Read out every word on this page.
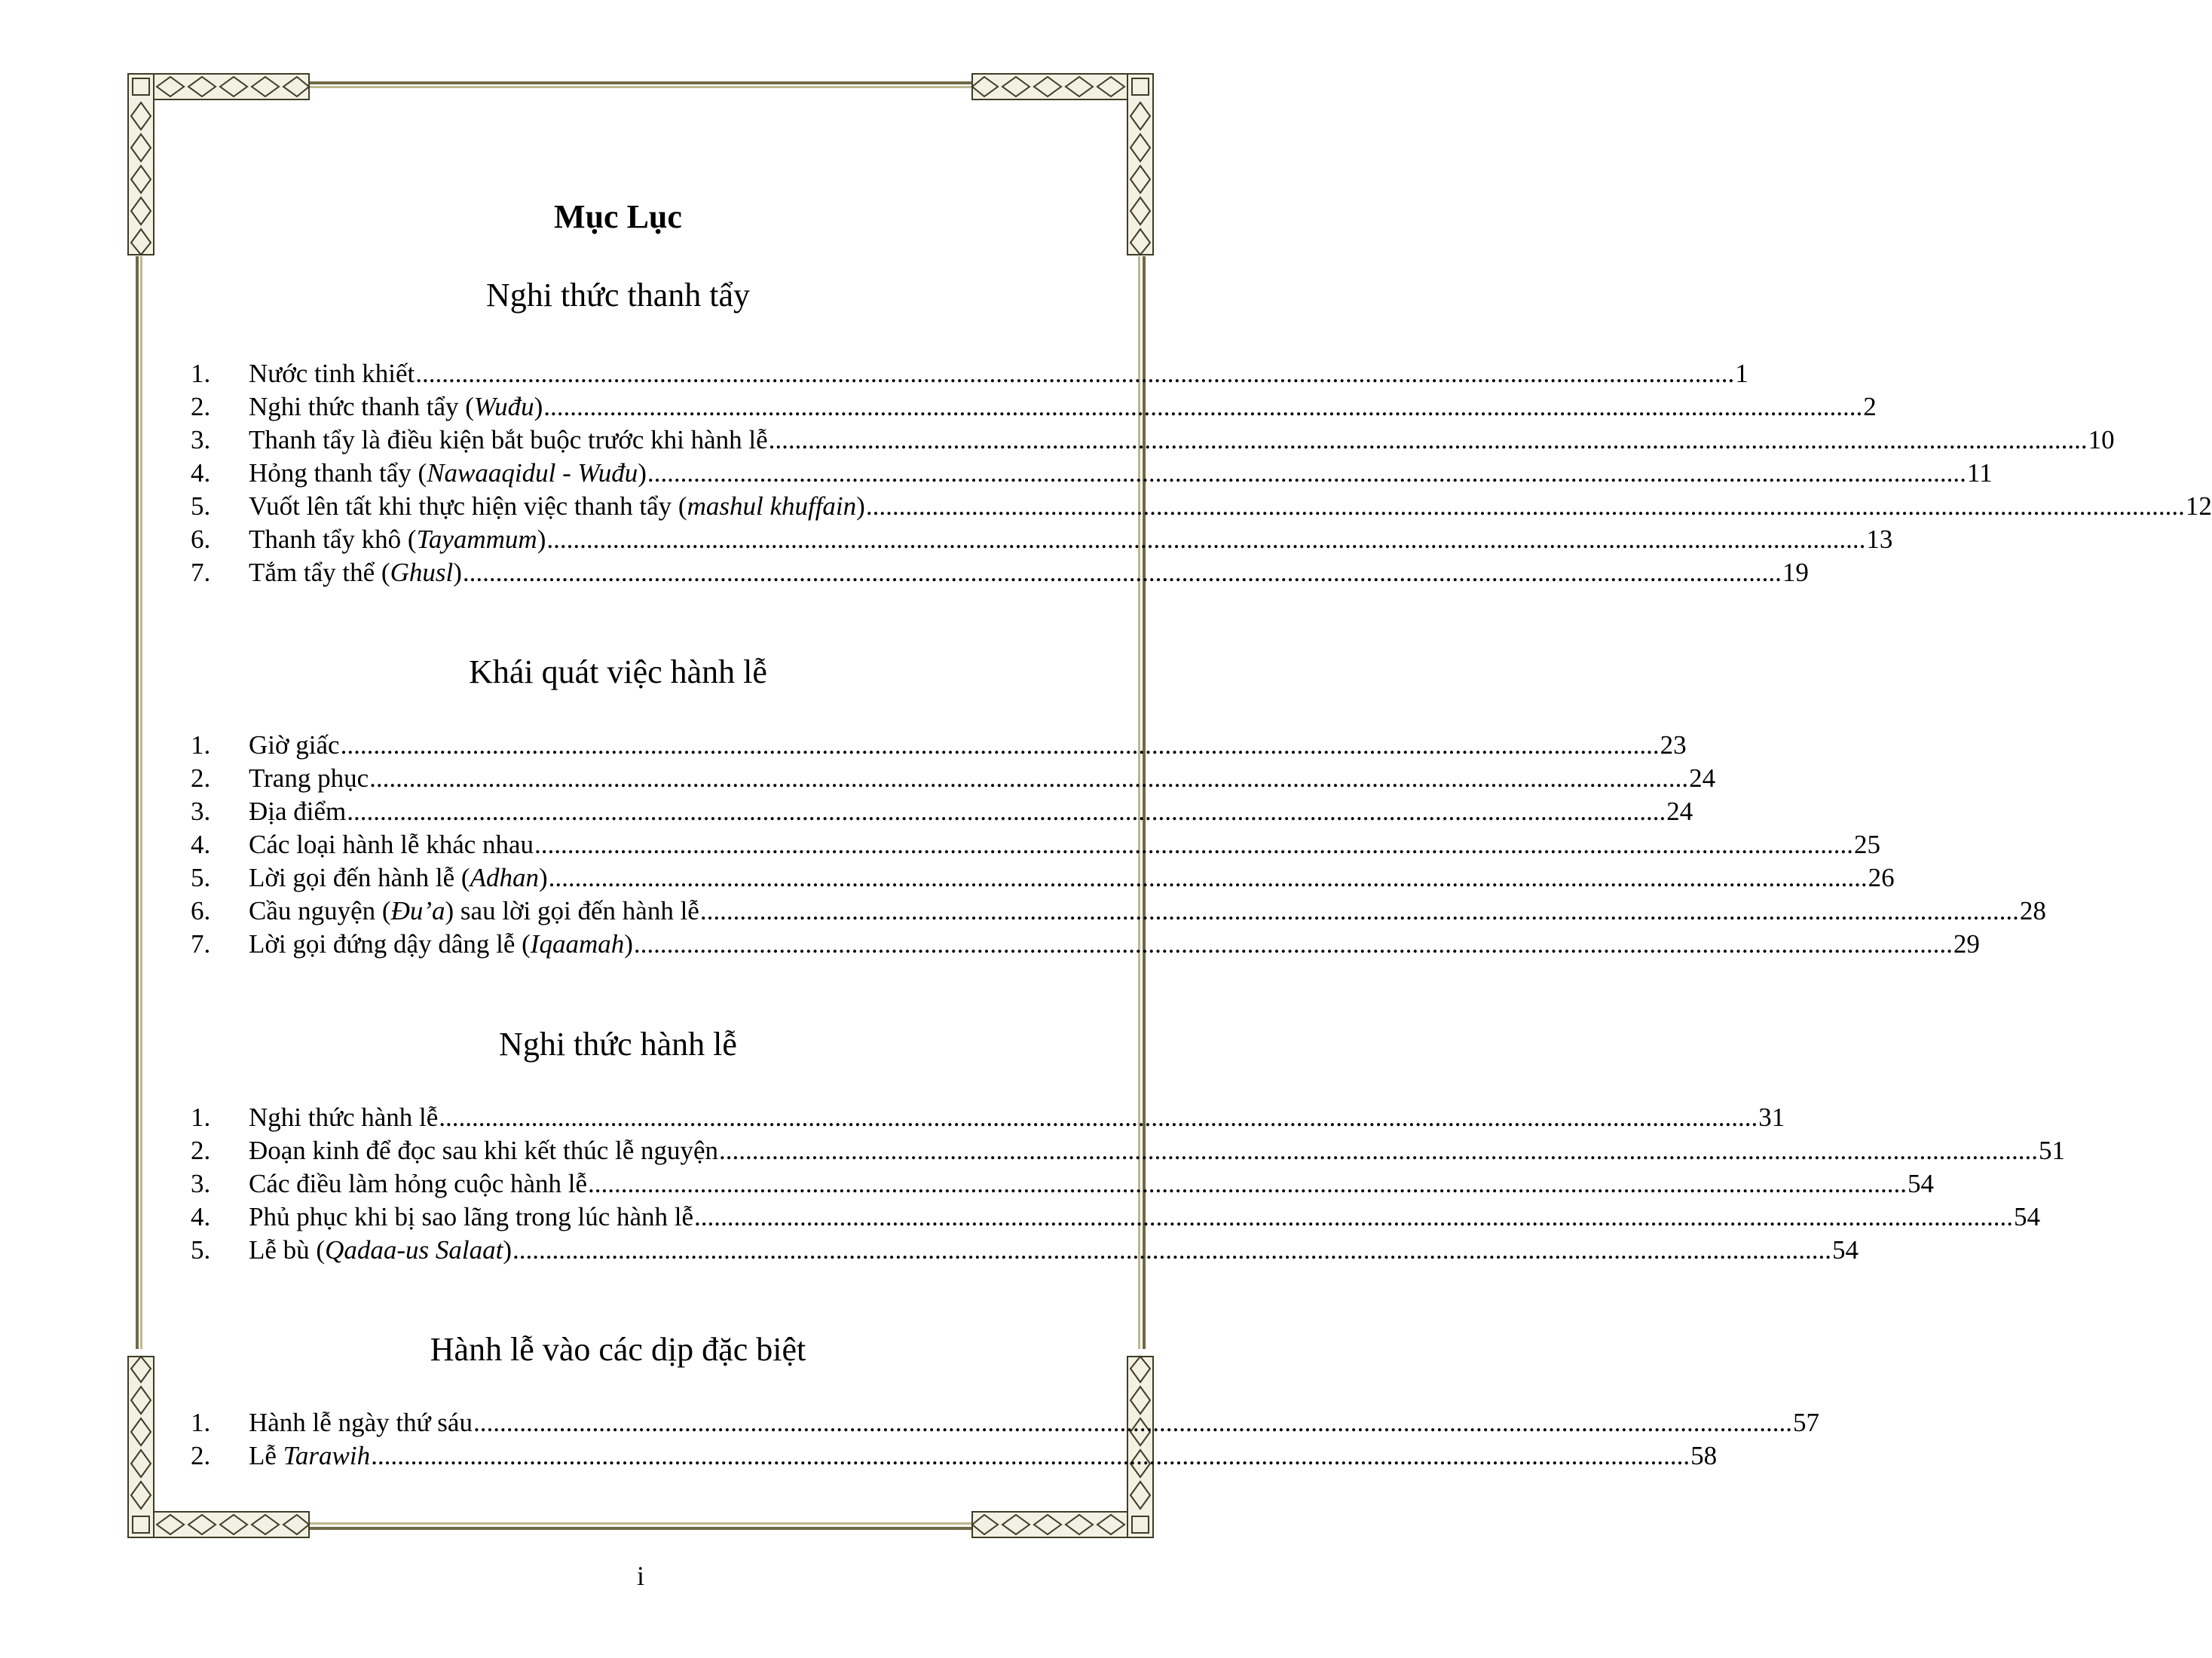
Mục Lục
Nghi thức thanh tẩy
1.	Nước tinh khiết ........................................................................................................................................................................................................ 1
2.	Nghi thức thanh tẩy (Wuđu) ........................................................................................................................................................................................................ 2
3.	Thanh tẩy là điều kiện bắt buộc trước khi hành lễ ........................................................................................................................................................................................................ 10
4.	Hỏng thanh tẩy (Nawaaqidul - Wuđu) ........................................................................................................................................................................................................ 11
5.	Vuốt lên tất khi thực hiện việc thanh tẩy (mashul khuffain) ........................................................................................................................................................................................................ 12
6.	Thanh tẩy khô (Tayammum) ........................................................................................................................................................................................................ 13
7.	Tắm tẩy thể (Ghusl) ........................................................................................................................................................................................................ 19
Khái quát việc hành lễ
1.	Giờ giấc ........................................................................................................................................................................................................ 23
2.	Trang phục ........................................................................................................................................................................................................ 24
3.	Địa điểm ........................................................................................................................................................................................................ 24
4.	Các loại hành lễ khác nhau ........................................................................................................................................................................................................ 25
5.	Lời gọi đến hành lễ (Adhan) ........................................................................................................................................................................................................ 26
6.	Cầu nguyện (Đu’a) sau lời gọi đến hành lễ ........................................................................................................................................................................................................ 28
7.	Lời gọi đứng dậy dâng lễ (Iqaamah) ........................................................................................................................................................................................................ 29
Nghi thức hành lễ
1.	Nghi thức hành lễ ........................................................................................................................................................................................................ 31
2.	Đoạn kinh để đọc sau khi kết thúc lễ nguyện ........................................................................................................................................................................................................ 51
3.	Các điều làm hỏng cuộc hành lễ ........................................................................................................................................................................................................ 54
4.	Phủ phục khi bị sao lãng trong lúc hành lễ ........................................................................................................................................................................................................ 54
5.	Lễ bù (Qadaa-us Salaat) ........................................................................................................................................................................................................ 54
Hành lễ vào các dịp đặc biệt
1.	Hành lễ ngày thứ sáu ........................................................................................................................................................................................................ 57
2.	Lễ Tarawih ........................................................................................................................................................................................................ 58
i
